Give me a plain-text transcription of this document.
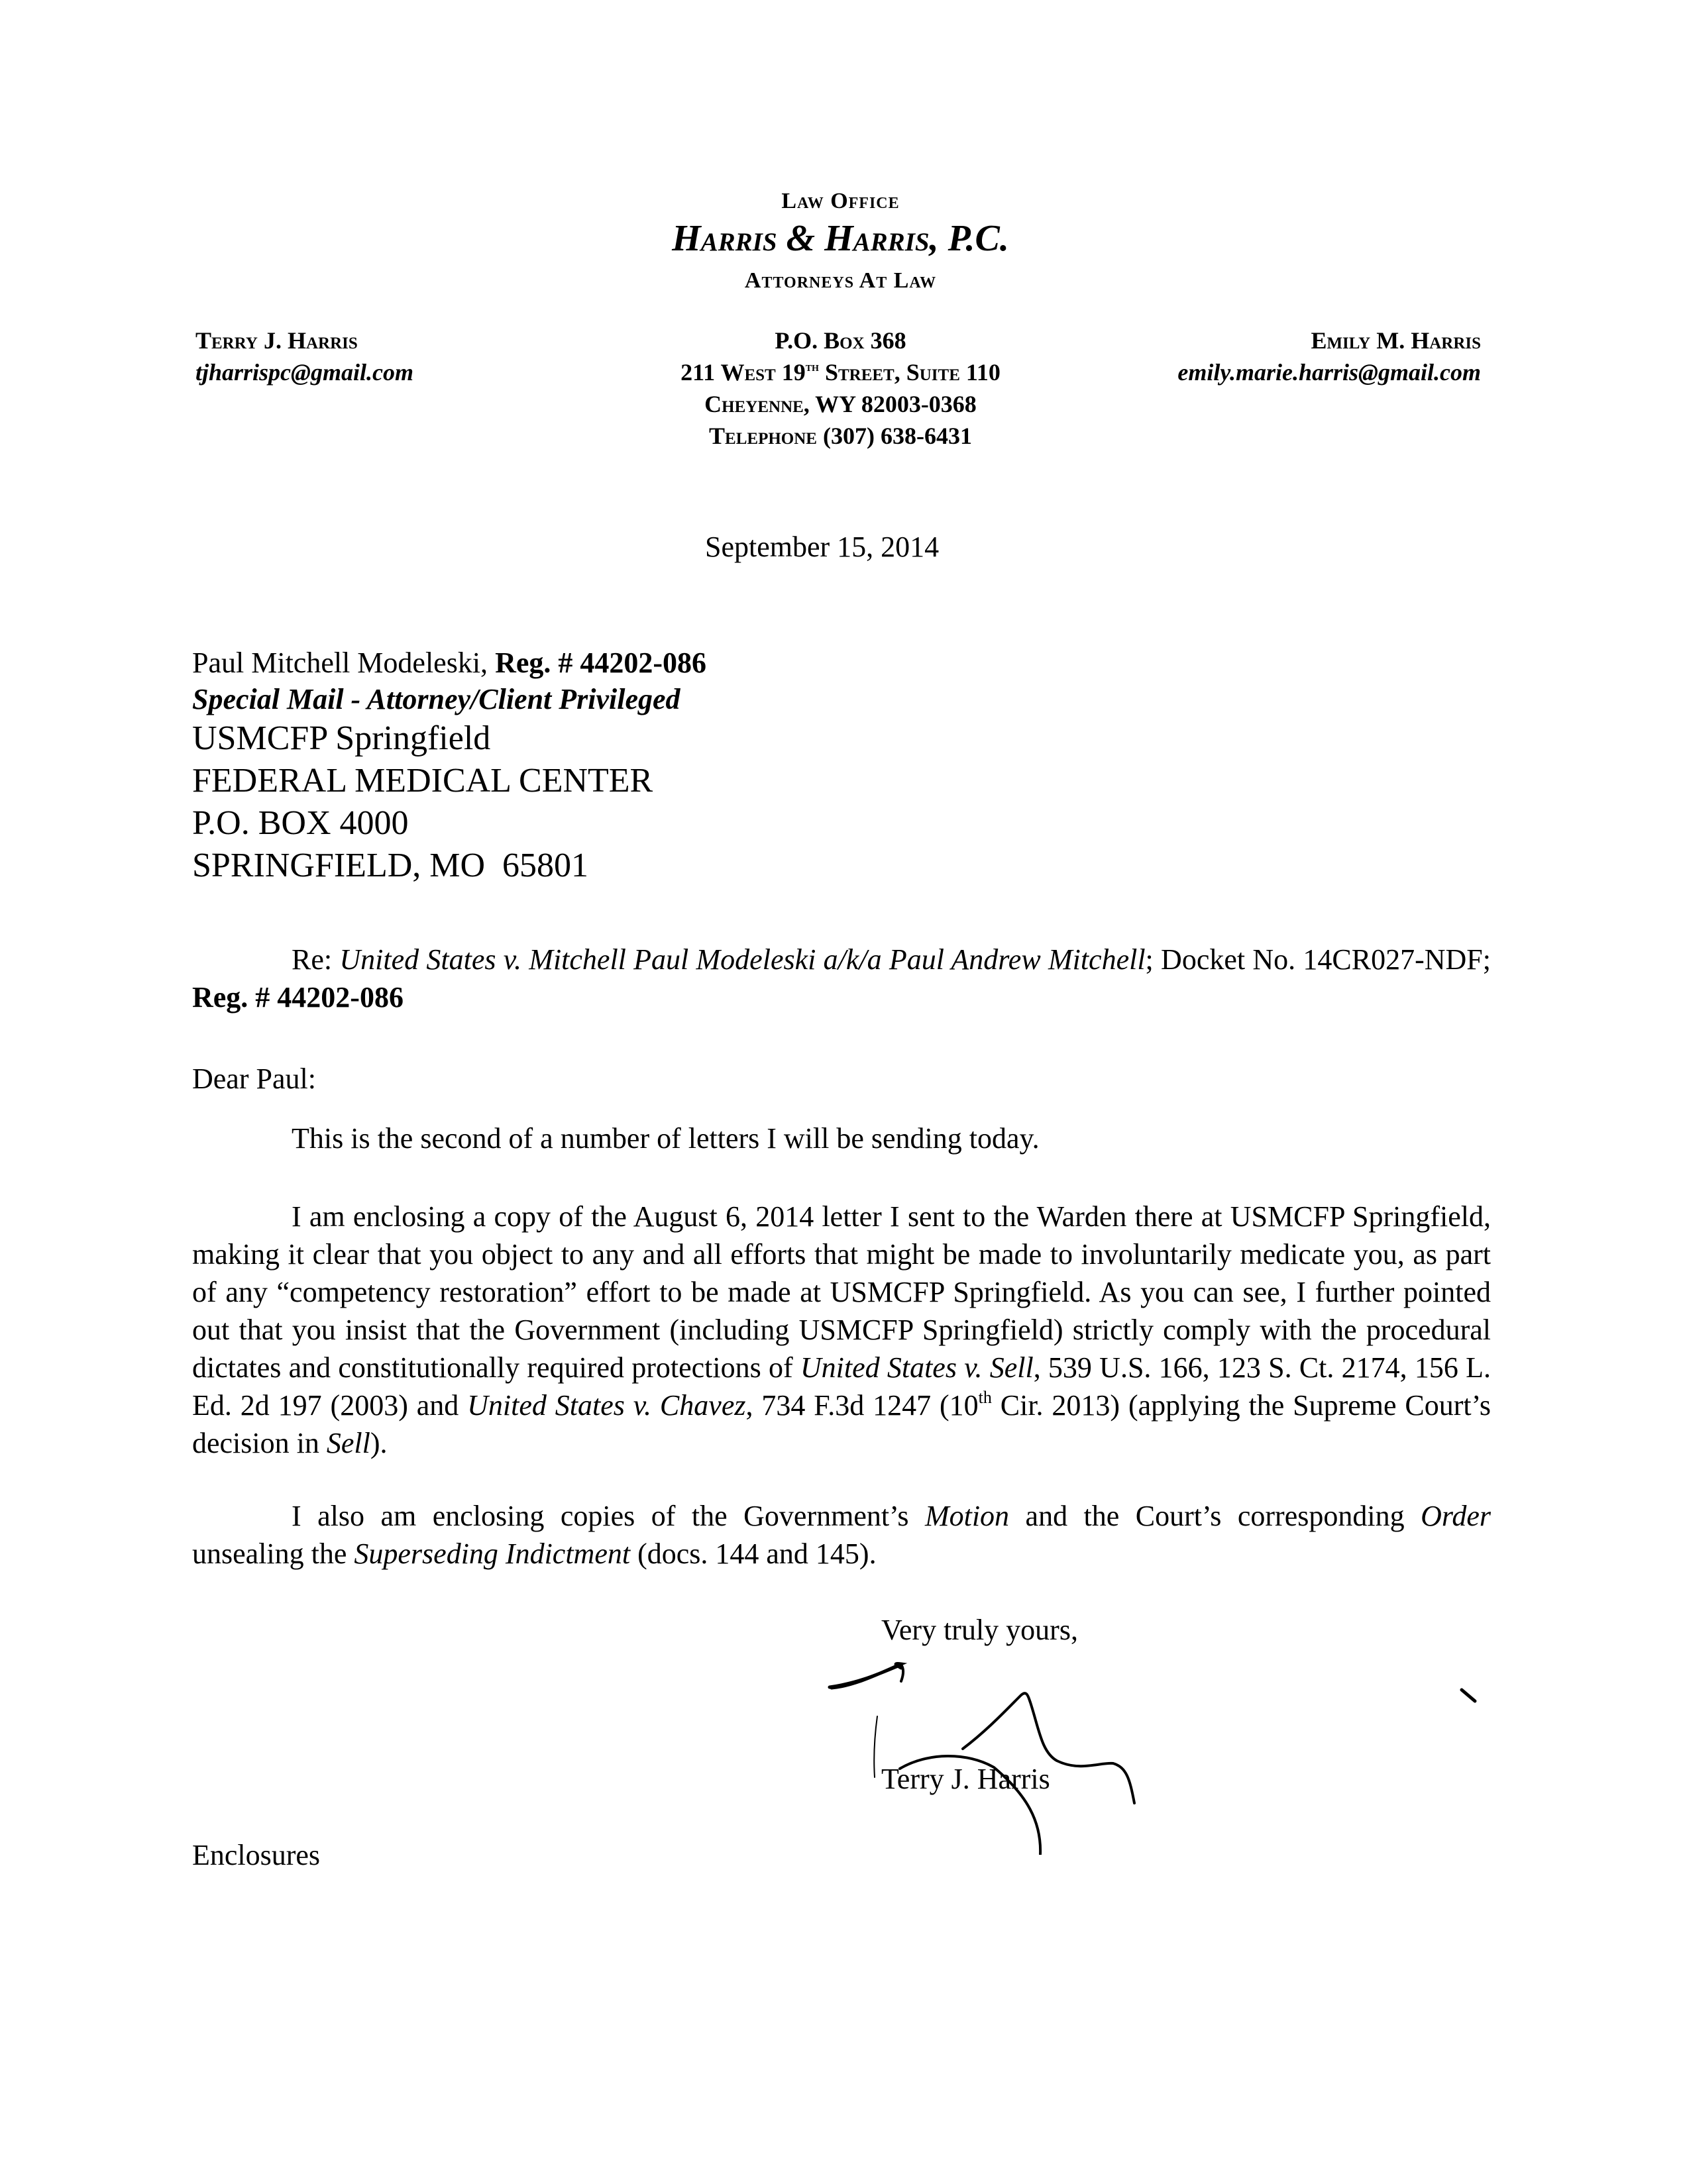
Law Office
Harris & Harris, P.C.
Attorneys At Law
Terry J. Harris
tjharrispc@gmail.com
P.O. Box 368
211 West 19th Street, Suite 110
Cheyenne, WY 82003-0368
Telephone (307) 638-6431
Emily M. Harris
emily.marie.harris@gmail.com
September 15, 2014
Paul Mitchell Modeleski, Reg. # 44202-086
Special Mail - Attorney/Client Privileged
USMCFP Springfield
FEDERAL MEDICAL CENTER
P.O. BOX 4000
SPRINGFIELD, MO  65801
Re: United States v. Mitchell Paul Modeleski a/k/a Paul Andrew Mitchell; Docket No. 14CR027-NDF; Reg. # 44202-086
Dear Paul:
This is the second of a number of letters I will be sending today.
I am enclosing a copy of the August 6, 2014 letter I sent to the Warden there at USMCFP Springfield, making it clear that you object to any and all efforts that might be made to involuntarily medicate you, as part of any “competency restoration” effort to be made at USMCFP Springfield. As you can see, I further pointed out that you insist that the Government (including USMCFP Springfield) strictly comply with the procedural dictates and constitutionally required protections of United States v. Sell, 539 U.S. 166, 123 S. Ct. 2174, 156 L. Ed. 2d 197 (2003) and United States v. Chavez, 734 F.3d 1247 (10th Cir. 2013) (applying the Supreme Court’s decision in Sell).
I also am enclosing copies of the Government’s Motion and the Court’s corresponding Order unsealing the Superseding Indictment (docs. 144 and 145).
Very truly yours,
Terry J. Harris
Enclosures
